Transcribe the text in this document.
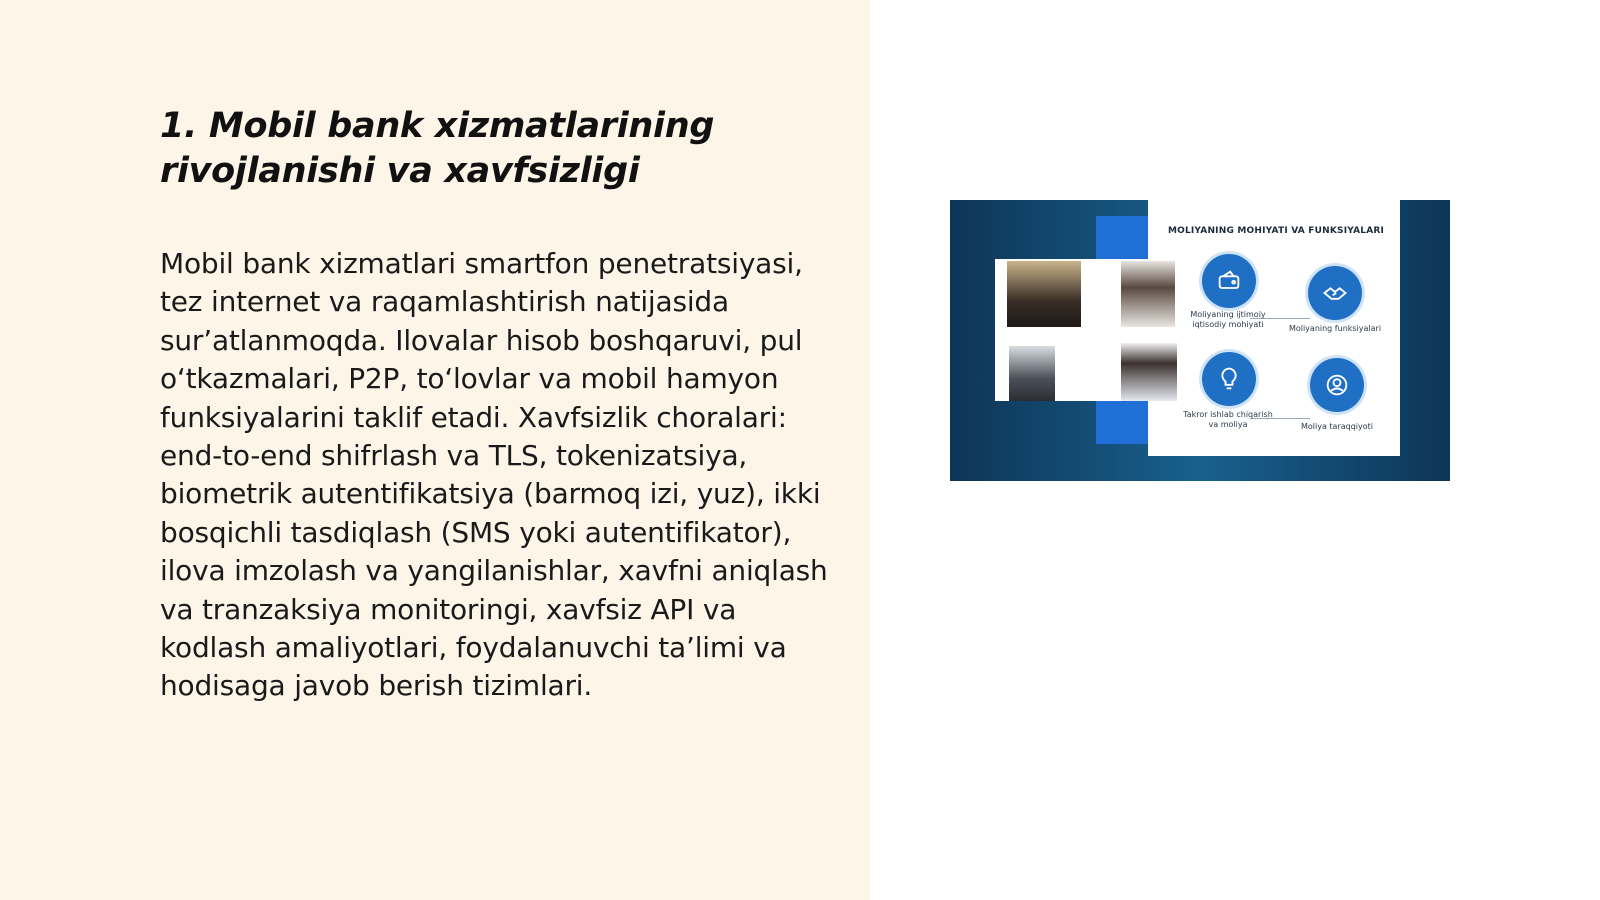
1. Mobil bank xizmatlarining rivojlanishi va xavfsizligi

Mobil bank xizmatlari smartfon penetratsiyasi, tez internet va raqamlashtirish natijasida sur’atlanmoqda. Ilovalar hisob boshqaruvi, pul o‘tkazmalari, P2P, to‘lovlar va mobil hamyon funksiyalarini taklif etadi. Xavfsizlik choralari: end-to-end shifrlash va TLS, tokenizatsiya, biometrik autentifikatsiya (barmoq izi, yuz), ikki bosqichli tasdiqlash (SMS yoki autentifikator), ilova imzolash va yangilanishlar, xavfni aniqlash va tranzaksiya monitoringi, xavfsiz API va kodlash amaliyotlari, foydalanuvchi ta’limi va hodisaga javob berish tizimlari.

MOLIYANING MOHIYATI VA FUNKSIYALARI
Moliyaning ijtimoiy iqtisodiy mohiyati	Moliyaning funksiyalari
Takror ishlab chiqarish va moliya	Moliya taraqqiyoti
